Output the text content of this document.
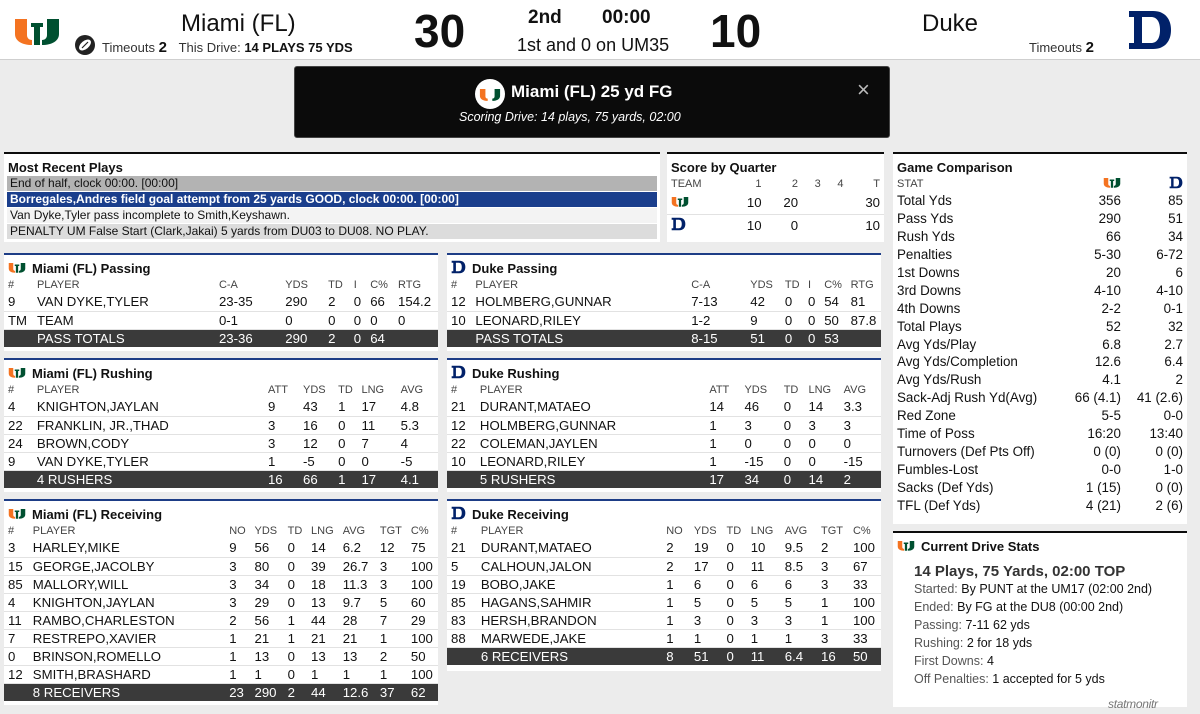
Miami (FL)
Timeouts 2 This Drive: 14 PLAYS 75 YDS 30	2nd 00:00
1st and 0 on UM35 10	Duke
Timeouts 2
Miami (FL) 25 yd FG
Scoring Drive: 14 plays, 75 yards, 02:00
×
Most Recent Plays
End of half, clock 00:00. [00:00]
Borregales,Andres field goal attempt from 25 yards GOOD, clock 00:00. [00:00]
Van Dyke,Tyler pass incomplete to Smith,Keyshawn.
PENALTY UM False Start (Clark,Jakai) 5 yards from DU03 to DU08. NO PLAY.
Score by Quarter
TEAM	1	2	3	4	T
	10	20			30
	10	0			10
Game Comparison
STAT		
Total Yds	356	85
Pass Yds	290	51
Rush Yds	66	34
Penalties	5-30	6-72
1st Downs	20	6
3rd Downs	4-10	4-10
4th Downs	2-2	0-1
Total Plays	52	32
Avg Yds/Play	6.8	2.7
Avg Yds/Completion	12.6	6.4
Avg Yds/Rush	4.1	2
Sack-Adj Rush Yd(Avg)	66 (4.1)	41 (2.6)
Red Zone	5-5	0-0
Time of Poss	16:20	13:40
Turnovers (Def Pts Off)	0 (0)	0 (0)
Fumbles-Lost	0-0	1-0
Sacks (Def Yds)	1 (15)	0 (0)
TFL (Def Yds)	4 (21)	2 (6)
Miami (FL) Passing
#	PLAYER	C-A	YDS	TD	I	C%	RTG
9	VAN DYKE,TYLER	23-35	290	2	0	66	154.2
TM	TEAM	0-1	0	0	0	0	0
	PASS TOTALS	23-36	290	2	0	64	
Duke Passing
#	PLAYER	C-A	YDS	TD	I	C%	RTG
12	HOLMBERG,GUNNAR	7-13	42	0	0	54	81
10	LEONARD,RILEY	1-2	9	0	0	50	87.8
	PASS TOTALS	8-15	51	0	0	53	
Miami (FL) Rushing
#	PLAYER	ATT	YDS	TD	LNG	AVG
4	KNIGHTON,JAYLAN	9	43	1	17	4.8
22	FRANKLIN, JR.,THAD	3	16	0	11	5.3
24	BROWN,CODY	3	12	0	7	4
9	VAN DYKE,TYLER	1	-5	0	0	-5
	4 RUSHERS	16	66	1	17	4.1
Duke Rushing
#	PLAYER	ATT	YDS	TD	LNG	AVG
21	DURANT,MATAEO	14	46	0	14	3.3
12	HOLMBERG,GUNNAR	1	3	0	3	3
22	COLEMAN,JAYLEN	1	0	0	0	0
10	LEONARD,RILEY	1	-15	0	0	-15
	5 RUSHERS	17	34	0	14	2
Miami (FL) Receiving
#	PLAYER	NO	YDS	TD	LNG	AVG	TGT	C%
3	HARLEY,MIKE	9	56	0	14	6.2	12	75
15	GEORGE,JACOLBY	3	80	0	39	26.7	3	100
85	MALLORY,WILL	3	34	0	18	11.3	3	100
4	KNIGHTON,JAYLAN	3	29	0	13	9.7	5	60
11	RAMBO,CHARLESTON	2	56	1	44	28	7	29
7	RESTREPO,XAVIER	1	21	1	21	21	1	100
0	BRINSON,ROMELLO	1	13	0	13	13	2	50
12	SMITH,BRASHARD	1	1	0	1	1	1	100
	8 RECEIVERS	23	290	2	44	12.6	37	62
Duke Receiving
#	PLAYER	NO	YDS	TD	LNG	AVG	TGT	C%
21	DURANT,MATAEO	2	19	0	10	9.5	2	100
5	CALHOUN,JALON	2	17	0	11	8.5	3	67
19	BOBO,JAKE	1	6	0	6	6	3	33
85	HAGANS,SAHMIR	1	5	0	5	5	1	100
83	HERSH,BRANDON	1	3	0	3	3	1	100
88	MARWEDE,JAKE	1	1	0	1	1	3	33
	6 RECEIVERS	8	51	0	11	6.4	16	50
Current Drive Stats
14 Plays, 75 Yards, 02:00 TOP
Started: By PUNT at the UM17 (02:00 2nd)
Ended: By FG at the DU8 (00:00 2nd)
Passing: 7-11 62 yds
Rushing: 2 for 18 yds
First Downs: 4
Off Penalties: 1 accepted for 5 yds
statmonitr
